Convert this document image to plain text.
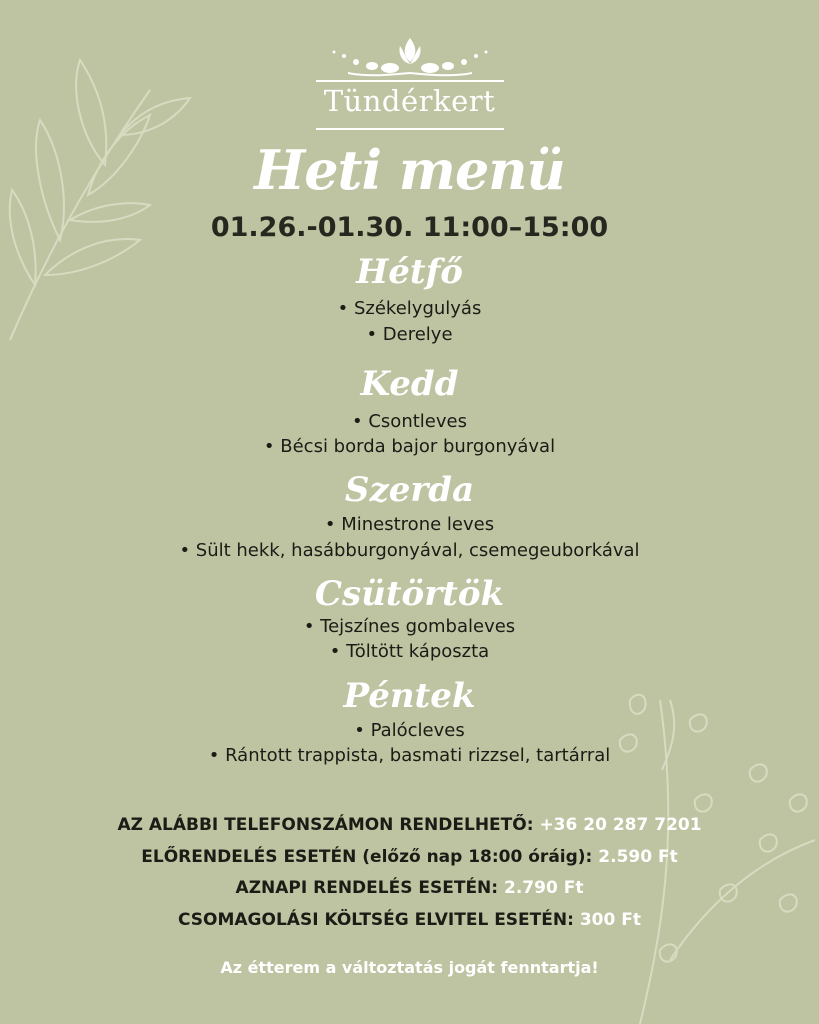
Tündérkert
Heti menü
01.26.-01.30. 11:00–15:00
Hétfő
• Székelygulyás
• Derelye
Kedd
• Csontleves
• Bécsi borda bajor burgonyával
Szerda
• Minestrone leves
• Sült hekk, hasábburgonyával, csemegeuborkával
Csütörtök
• Tejszínes gombaleves
• Töltött káposzta
Péntek
• Palócleves
• Rántott trappista, basmati rizzsel, tartárral
AZ ALÁBBI TELEFONSZÁMON RENDELHETŐ: +36 20 287 7201
ELŐRENDELÉS ESETÉN (előző nap 18:00 óráig): 2.590 Ft
AZNAPI RENDELÉS ESETÉN: 2.790 Ft
CSOMAGOLÁSI KÖLTSÉG ELVITEL ESETÉN: 300 Ft
Az étterem a változtatás jogát fenntartja!
